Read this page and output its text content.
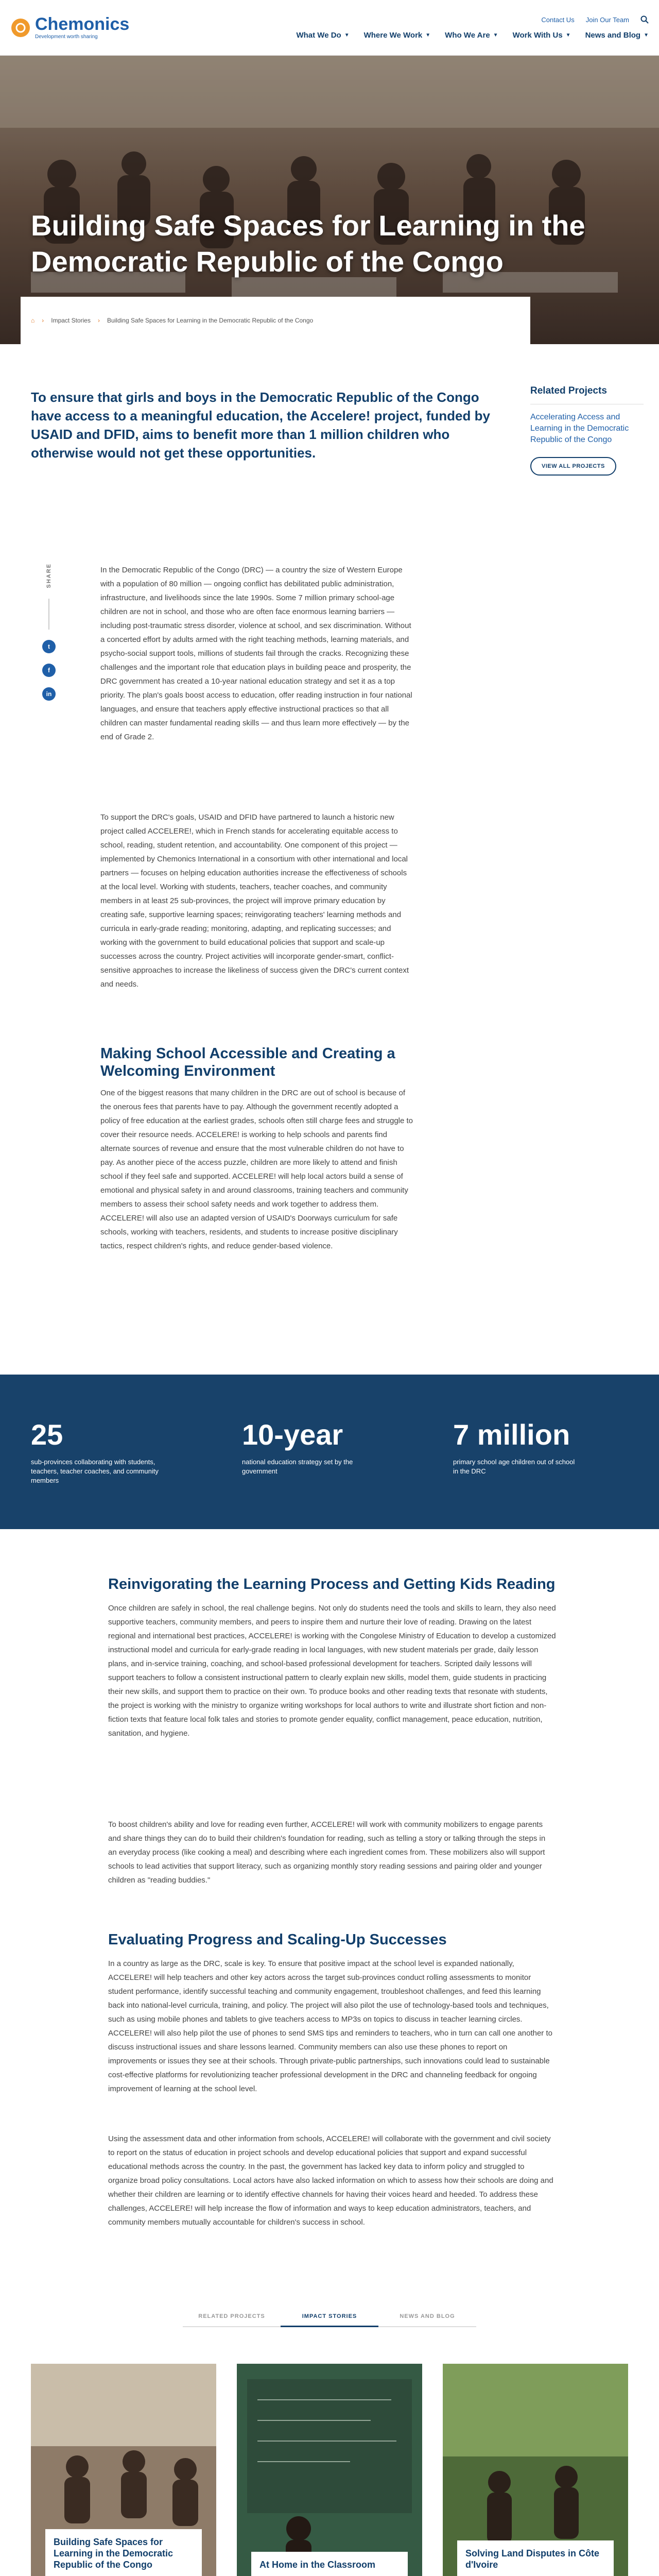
Chemonics
Development worth sharing
Contact Us Join Our Team
What We Do ▼ Where We Work ▼ Who We Are ▼ Work With Us ▼ News and Blog ▼
Building Safe Spaces for Learning in the Democratic Republic of the Congo
⌂ › Impact Stories › Building Safe Spaces for Learning in the Democratic Republic of the Congo

To ensure that girls and boys in the Democratic Republic of the Congo have access to a meaningful education, the Accelere! project, funded by USAID and DFID, aims to benefit more than 1 million children who otherwise would not get these opportunities.

SHARE
t
f
in

In the Democratic Republic of the Congo (DRC) — a country the size of Western Europe with a population of 80 million — ongoing conflict has debilitated public administration, infrastructure, and livelihoods since the late 1990s. Some 7 million primary school-age children are not in school, and those who are often face enormous learning barriers — including post-traumatic stress disorder, violence at school, and sex discrimination. Without a concerted effort by adults armed with the right teaching methods, learning materials, and psycho-social support tools, millions of students fail through the cracks. Recognizing these challenges and the important role that education plays in building peace and prosperity, the DRC government has created a 10-year national education strategy and set it as a top priority. The plan's goals boost access to education, offer reading instruction in four national languages, and ensure that teachers apply effective instructional practices so that all children can master fundamental reading skills — and thus learn more effectively — by the end of Grade 2.

To support the DRC's goals, USAID and DFID have partnered to launch a historic new project called ACCELERE!, which in French stands for accelerating equitable access to school, reading, student retention, and accountability. One component of this project — implemented by Chemonics International in a consortium with other international and local partners — focuses on helping education authorities increase the effectiveness of schools at the local level. Working with students, teachers, teacher coaches, and community members in at least 25 sub-provinces, the project will improve primary education by creating safe, supportive learning spaces; reinvigorating teachers' learning methods and curricula in early-grade reading; monitoring, adapting, and replicating successes; and working with the government to build educational policies that support and scale-up successes across the country. Project activities will incorporate gender-smart, conflict-sensitive approaches to increase the likeliness of success given the DRC's current context and needs.

Making School Accessible and Creating a Welcoming Environment

One of the biggest reasons that many children in the DRC are out of school is because of the onerous fees that parents have to pay. Although the government recently adopted a policy of free education at the earliest grades, schools often still charge fees and struggle to cover their resource needs. ACCELERE! is working to help schools and parents find alternate sources of revenue and ensure that the most vulnerable children do not have to pay. As another piece of the access puzzle, children are more likely to attend and finish school if they feel safe and supported. ACCELERE! will help local actors build a sense of emotional and physical safety in and around classrooms, training teachers and community members to assess their school safety needs and work together to address them. ACCELERE! will also use an adapted version of USAID's Doorways curriculum for safe schools, working with teachers, residents, and students to increase positive disciplinary tactics, respect children's rights, and reduce gender-based violence.

Related Projects

Accelerating Access and Learning in the Democratic Republic of the Congo

VIEW ALL PROJECTS
25
sub-provinces collaborating with students, teachers, teacher coaches, and community members
10-year
national education strategy set by the government
7 million
primary school age children out of school in the DRC
Reinvigorating the Learning Process and Getting Kids Reading

Once children are safely in school, the real challenge begins. Not only do students need the tools and skills to learn, they also need supportive teachers, community members, and peers to inspire them and nurture their love of reading. Drawing on the latest regional and international best practices, ACCELERE! is working with the Congolese Ministry of Education to develop a customized instructional model and curricula for early-grade reading in local languages, with new student materials per grade, daily lesson plans, and in-service training, coaching, and school-based professional development for teachers. Scripted daily lessons will support teachers to follow a consistent instructional pattern to clearly explain new skills, model them, guide students in practicing their new skills, and support them to practice on their own. To produce books and other reading texts that resonate with students, the project is working with the ministry to organize writing workshops for local authors to write and illustrate short fiction and non-fiction texts that feature local folk tales and stories to promote gender equality, conflict management, peace education, nutrition, sanitation, and hygiene.

To boost children's ability and love for reading even further, ACCELERE! will work with community mobilizers to engage parents and share things they can do to build their children's foundation for reading, such as telling a story or talking through the steps in an everyday process (like cooking a meal) and describing where each ingredient comes from. These mobilizers also will support schools to lead activities that support literacy, such as organizing monthly story reading sessions and pairing older and younger children as "reading buddies."

Evaluating Progress and Scaling-Up Successes

In a country as large as the DRC, scale is key. To ensure that positive impact at the school level is expanded nationally, ACCELERE! will help teachers and other key actors across the target sub-provinces conduct rolling assessments to monitor student performance, identify successful teaching and community engagement, troubleshoot challenges, and feed this learning back into national-level curricula, training, and policy. The project will also pilot the use of technology-based tools and techniques, such as using mobile phones and tablets to give teachers access to MP3s on topics to discuss in teacher learning circles. ACCELERE! will also help pilot the use of phones to send SMS tips and reminders to teachers, who in turn can call one another to discuss instructional issues and share lessons learned. Community members can also use these phones to report on improvements or issues they see at their schools. Through private-public partnerships, such innovations could lead to sustainable cost-effective platforms for revolutionizing teacher professional development in the DRC and channeling feedback for ongoing improvement of learning at the school level.

Using the assessment data and other information from schools, ACCELERE! will collaborate with the government and civil society to report on the status of education in project schools and develop educational policies that support and expand successful educational methods across the country. In the past, the government has lacked key data to inform policy and struggled to organize broad policy consultations. Local actors have also lacked information on which to assess how their schools are doing and whether their children are learning or to identify effective channels for having their voices heard and heeded. To address these challenges, ACCELERE! will help increase the flow of information and ways to keep education administrators, teachers, and community members mutually accountable for children's success in school.

RELATED PROJECTS	IMPACT STORIES	NEWS AND BLOG
Building Safe Spaces for Learning in the Democratic Republic of the Congo	At Home in the Classroom
Solving Land Disputes in Côte d'Ivoire
